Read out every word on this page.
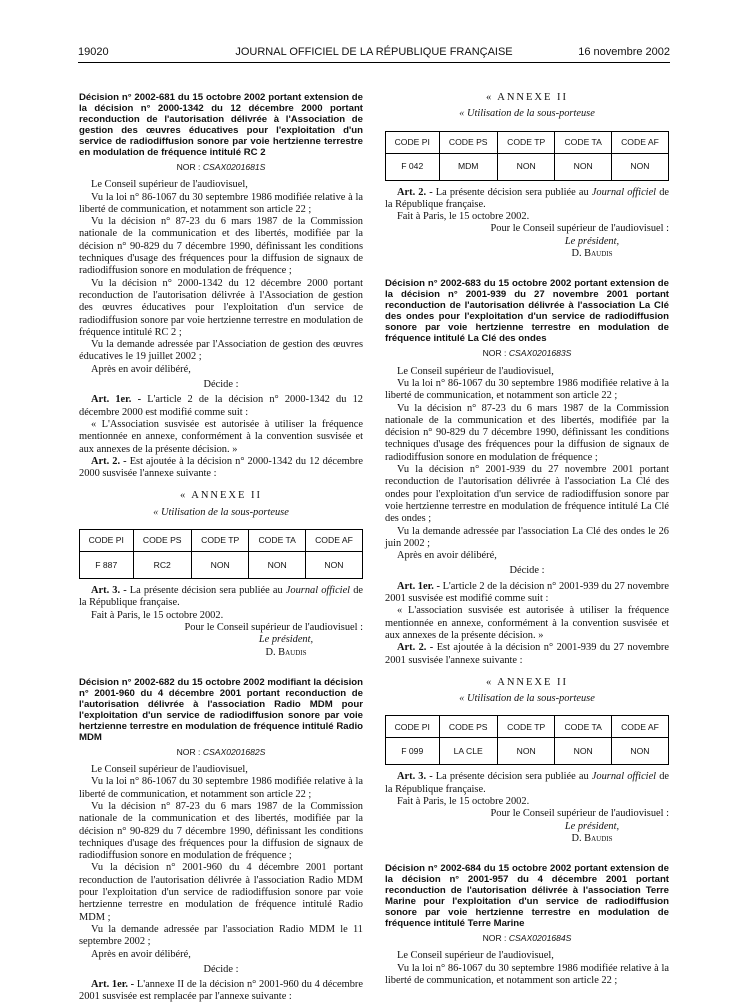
19020	JOURNAL OFFICIEL DE LA RÉPUBLIQUE FRANÇAISE	16 novembre 2002
Décision n° 2002-681 du 15 octobre 2002 portant extension de la décision n° 2000-1342 du 12 décembre 2000 portant reconduction de l'autorisation délivrée à l'Association de gestion des œuvres éducatives pour l'exploitation d'un service de radiodiffusion sonore par voie hertzienne terrestre en modulation de fréquence intitulé RC 2
NOR : CSAX0201681S

Le Conseil supérieur de l'audiovisuel,

Vu la loi n° 86-1067 du 30 septembre 1986 modifiée relative à la liberté de communication, et notamment son article 22 ;

Vu la décision n° 87-23 du 6 mars 1987 de la Commission nationale de la communication et des libertés, modifiée par la décision n° 90-829 du 7 décembre 1990, définissant les conditions techniques d'usage des fréquences pour la diffusion de signaux de radiodiffusion sonore en modulation de fréquence ;

Vu la décision n° 2000-1342 du 12 décembre 2000 portant reconduction de l'autorisation délivrée à l'Association de gestion des œuvres éducatives pour l'exploitation d'un service de radiodiffusion sonore par voie hertzienne terrestre en modulation de fréquence intitulé RC 2 ;

Vu la demande adressée par l'Association de gestion des œuvres éducatives le 19 juillet 2002 ;

Après en avoir délibéré,

Décide :

Art. 1er. - L'article 2 de la décision n° 2000-1342 du 12 décembre 2000 est modifié comme suit :

« L'Association susvisée est autorisée à utiliser la fréquence mentionnée en annexe, conformément à la convention susvisée et aux annexes de la présente décision. »

Art. 2. - Est ajoutée à la décision n° 2000-1342 du 12 décembre 2000 susvisée l'annexe suivante :

« ANNEXE II
« Utilisation de la sous-porteuse
CODE PI	CODE PS	CODE TP	CODE TA	CODE AF
F 887	RC2	NON	NON	NON

Art. 3. - La présente décision sera publiée au Journal officiel de la République française.

Fait à Paris, le 15 octobre 2002.

Pour le Conseil supérieur de l'audiovisuel :

Le président,

D. Baudis

Décision n° 2002-682 du 15 octobre 2002 modifiant la décision n° 2001-960 du 4 décembre 2001 portant reconduction de l'autorisation délivrée à l'association Radio MDM pour l'exploitation d'un service de radiodiffusion sonore par voie hertzienne terrestre en modulation de fréquence intitulé Radio MDM
NOR : CSAX0201682S

Le Conseil supérieur de l'audiovisuel,

Vu la loi n° 86-1067 du 30 septembre 1986 modifiée relative à la liberté de communication, et notamment son article 22 ;

Vu la décision n° 87-23 du 6 mars 1987 de la Commission nationale de la communication et des libertés, modifiée par la décision n° 90-829 du 7 décembre 1990, définissant les conditions techniques d'usage des fréquences pour la diffusion de signaux de radiodiffusion sonore en modulation de fréquence ;

Vu la décision n° 2001-960 du 4 décembre 2001 portant reconduction de l'autorisation délivrée à l'association Radio MDM pour l'exploitation d'un service de radiodiffusion sonore par voie hertzienne terrestre en modulation de fréquence intitulé Radio MDM ;

Vu la demande adressée par l'association Radio MDM le 11 septembre 2002 ;

Après en avoir délibéré,

Décide :

Art. 1er. - L'annexe II de la décision n° 2001-960 du 4 décembre 2001 susvisée est remplacée par l'annexe suivante :

« ANNEXE II
« Utilisation de la sous-porteuse
CODE PI	CODE PS	CODE TP	CODE TA	CODE AF
F 042	MDM	NON	NON	NON

Art. 2. - La présente décision sera publiée au Journal officiel de la République française.

Fait à Paris, le 15 octobre 2002.

Pour le Conseil supérieur de l'audiovisuel :

Le président,

D. Baudis

Décision n° 2002-683 du 15 octobre 2002 portant extension de la décision n° 2001-939 du 27 novembre 2001 portant reconduction de l'autorisation délivrée à l'association La Clé des ondes pour l'exploitation d'un service de radiodiffusion sonore par voie hertzienne terrestre en modulation de fréquence intitulé La Clé des ondes
NOR : CSAX0201683S

Le Conseil supérieur de l'audiovisuel,

Vu la loi n° 86-1067 du 30 septembre 1986 modifiée relative à la liberté de communication, et notamment son article 22 ;

Vu la décision n° 87-23 du 6 mars 1987 de la Commission nationale de la communication et des libertés, modifiée par la décision n° 90-829 du 7 décembre 1990, définissant les conditions techniques d'usage des fréquences pour la diffusion de signaux de radiodiffusion sonore en modulation de fréquence ;

Vu la décision n° 2001-939 du 27 novembre 2001 portant reconduction de l'autorisation délivrée à l'association La Clé des ondes pour l'exploitation d'un service de radiodiffusion sonore par voie hertzienne terrestre en modulation de fréquence intitulé La Clé des ondes ;

Vu la demande adressée par l'association La Clé des ondes le 26 juin 2002 ;

Après en avoir délibéré,

Décide :

Art. 1er. - L'article 2 de la décision n° 2001-939 du 27 novembre 2001 susvisée est modifié comme suit :

« L'association susvisée est autorisée à utiliser la fréquence mentionnée en annexe, conformément à la convention susvisée et aux annexes de la présente décision. »

Art. 2. - Est ajoutée à la décision n° 2001-939 du 27 novembre 2001 susvisée l'annexe suivante :

« ANNEXE II
« Utilisation de la sous-porteuse
CODE PI	CODE PS	CODE TP	CODE TA	CODE AF
F 099	LA CLE	NON	NON	NON

Art. 3. - La présente décision sera publiée au Journal officiel de la République française.

Fait à Paris, le 15 octobre 2002.

Pour le Conseil supérieur de l'audiovisuel :

Le président,

D. Baudis

Décision n° 2002-684 du 15 octobre 2002 portant extension de la décision n° 2001-957 du 4 décembre 2001 portant reconduction de l'autorisation délivrée à l'association Terre Marine pour l'exploitation d'un service de radiodiffusion sonore par voie hertzienne terrestre en modulation de fréquence intitulé Terre Marine
NOR : CSAX0201684S

Le Conseil supérieur de l'audiovisuel,

Vu la loi n° 86-1067 du 30 septembre 1986 modifiée relative à la liberté de communication, et notamment son article 22 ;
